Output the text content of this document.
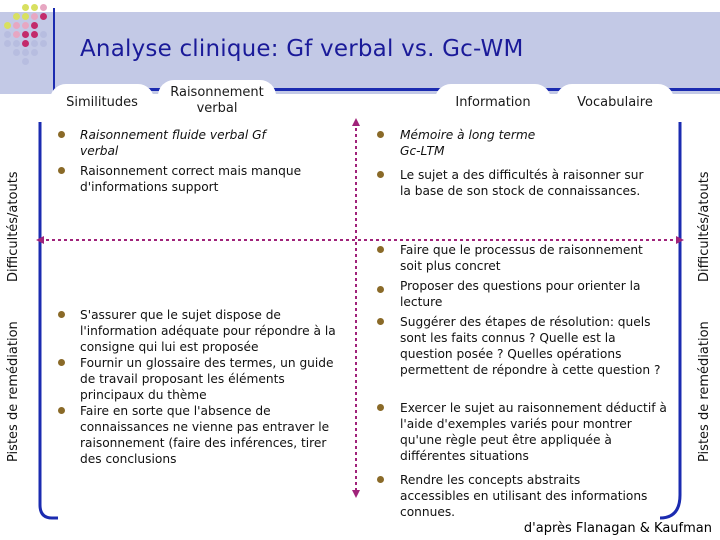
Analyse clinique: Gf verbal vs. Gc-WM
Similitudes
Raisonnement verbal	Information	Vocabulaire
Difficultés/atouts
Pistes de remédiation
Difficultés/atouts
Pistes de remédiation
Raisonnement fluide verbal Gf verbal
Raisonnement correct mais manque d'informations support
Mémoire à long terme Gc-LTM
Le sujet a des difficultés à raisonner sur la base de son stock de connaissances.
S'assurer que le sujet dispose de l'information adéquate pour répondre à la consigne qui lui est proposée
Fournir un glossaire des termes, un guide de travail proposant les éléments principaux du thème
Faire en sorte que l'absence de connaissances ne vienne pas entraver le raisonnement (faire des inférences, tirer des conclusions
Faire que le processus de raisonnement soit plus concret
Proposer des questions pour orienter la lecture
Suggérer des étapes de résolution: quels sont les faits connus ? Quelle est la question posée ? Quelles opérations permettent de répondre à cette question ?
Exercer le sujet au raisonnement déductif à l'aide d'exemples variés pour montrer qu'une règle peut être appliquée à différentes situations
Rendre les concepts abstraits accessibles en utilisant des informations connues.
d'après Flanagan & Kaufman
